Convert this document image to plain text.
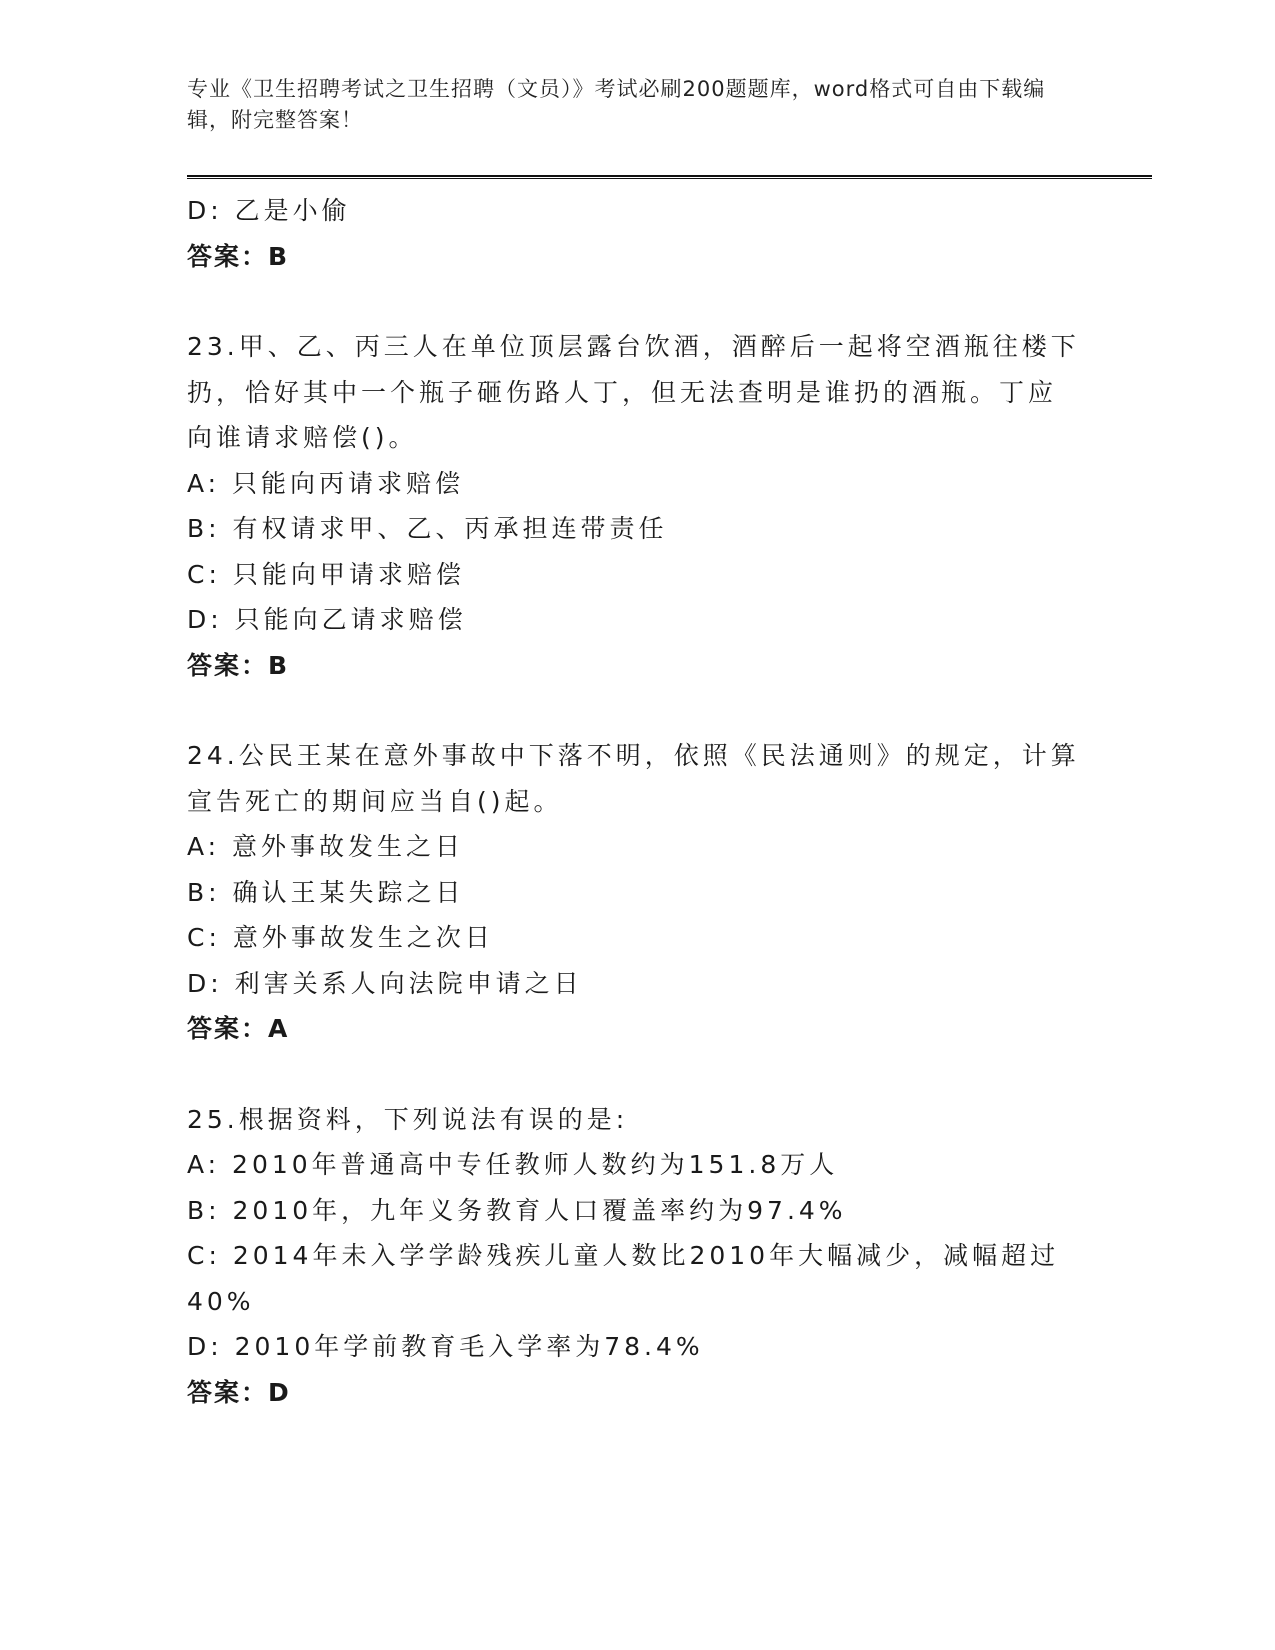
专业《卫生招聘考试之卫生招聘（文员）》考试必刷200题题库，word格式可自由下载编辑，附完整答案！
D: 乙是小偷
答案：B
23.甲、乙、丙三人在单位顶层露台饮酒，酒醉后一起将空酒瓶往楼下
扔，恰好其中一个瓶子砸伤路人丁，但无法查明是谁扔的酒瓶。丁应
向谁请求赔偿()。
A: 只能向丙请求赔偿
B: 有权请求甲、乙、丙承担连带责任
C: 只能向甲请求赔偿
D: 只能向乙请求赔偿
答案：B
24.公民王某在意外事故中下落不明，依照《民法通则》的规定，计算
宣告死亡的期间应当自()起。
A: 意外事故发生之日
B: 确认王某失踪之日
C: 意外事故发生之次日
D: 利害关系人向法院申请之日
答案：A
25.根据资料，下列说法有误的是:
A: 2010年普通高中专任教师人数约为151.8万人
B: 2010年，九年义务教育人口覆盖率约为97.4%
C: 2014年未入学学龄残疾儿童人数比2010年大幅减少，减幅超过
40%
D: 2010年学前教育毛入学率为78.4%
答案：D
